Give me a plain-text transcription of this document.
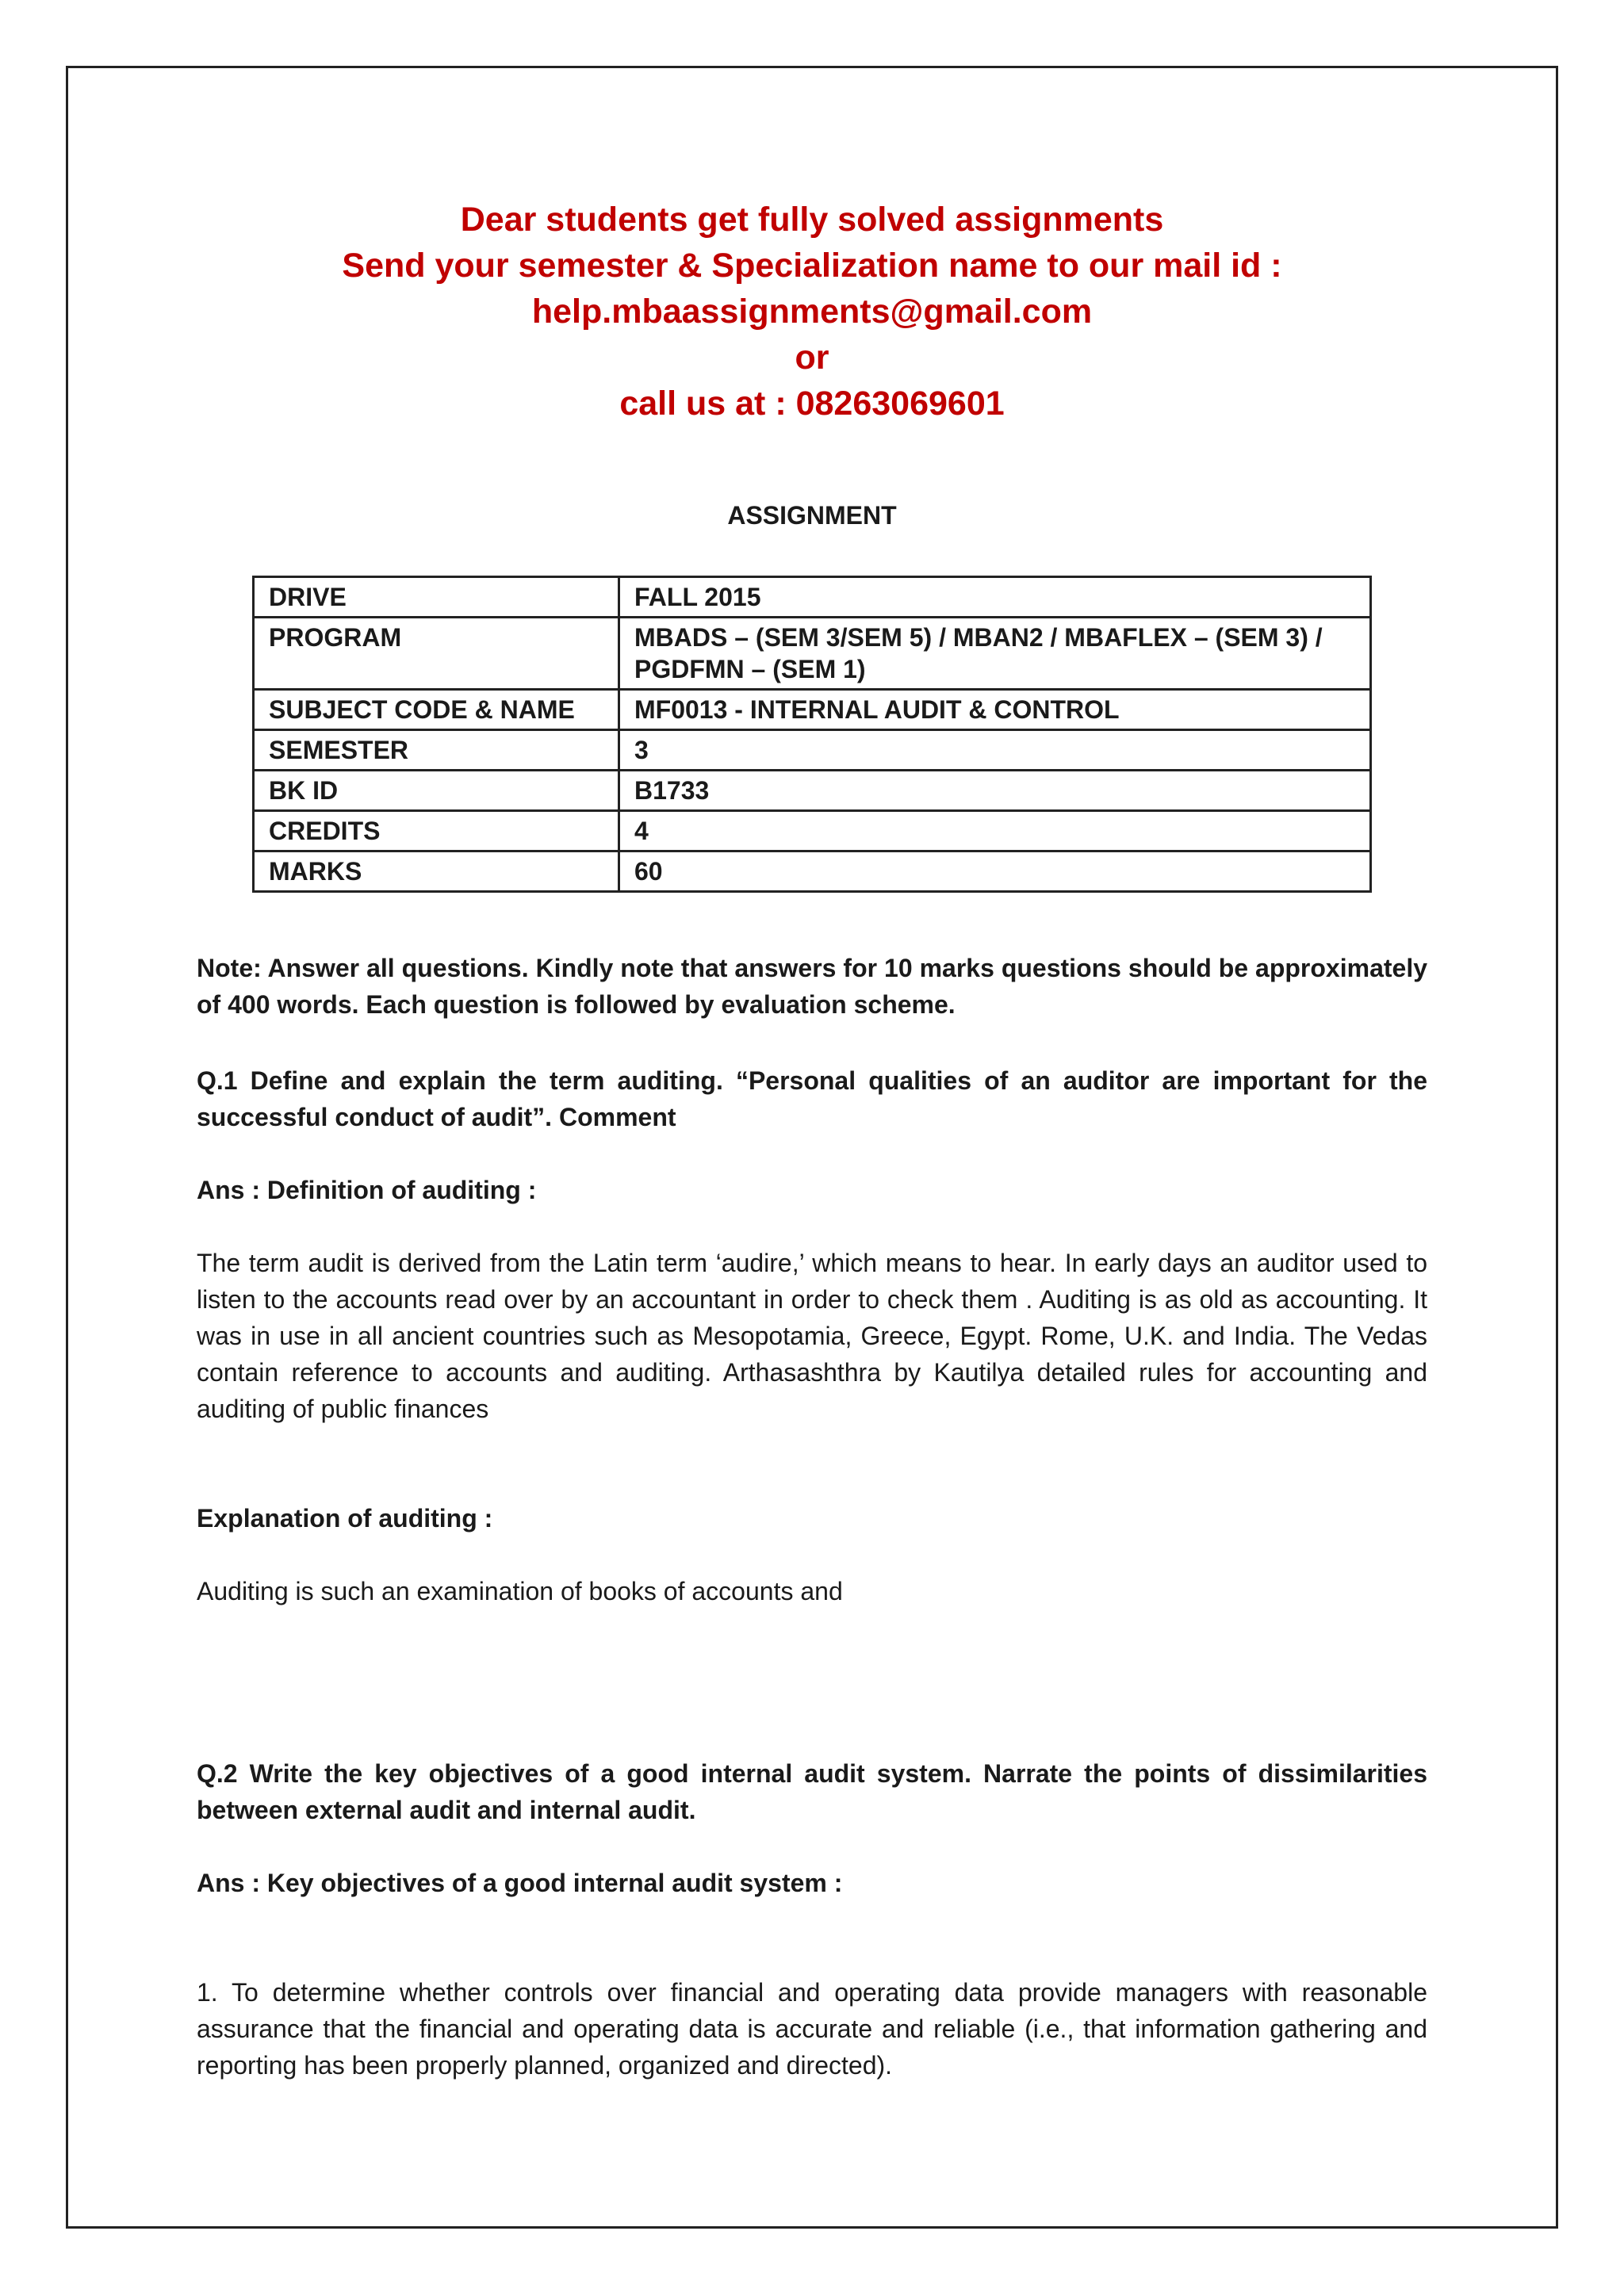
Dear students get fully solved assignments
Send your semester & Specialization name to our mail id :
help.mbaassignments@gmail.com
or
call us at : 08263069601
ASSIGNMENT
DRIVE	FALL 2015
PROGRAM	MBADS – (SEM 3/SEM 5) / MBAN2 / MBAFLEX – (SEM 3) / PGDFMN – (SEM 1)
SUBJECT CODE & NAME	MF0013 - INTERNAL AUDIT & CONTROL
SEMESTER	3
BK ID	B1733
CREDITS	4
MARKS	60
Note: Answer all questions. Kindly note that answers for 10 marks questions should be approximately of 400 words. Each question is followed by evaluation scheme.
Q.1 Define and explain the term auditing. “Personal qualities of an auditor are important for the successful conduct of audit”. Comment
Ans : Definition of auditing :
The term audit is derived from the Latin term ‘audire,’ which means to hear. In early days an auditor used to listen to the accounts read over by an accountant in order to check them . Auditing is as old as accounting. It was in use in all ancient countries such as Mesopotamia, Greece, Egypt. Rome, U.K. and India. The Vedas contain reference to accounts and auditing. Arthasashthra by Kautilya detailed rules for accounting and auditing of public finances
Explanation of auditing :
Auditing is such an examination of books of accounts and
Q.2 Write the key objectives of a good internal audit system. Narrate the points of dissimilarities between external audit and internal audit.
Ans : Key objectives of a good internal audit system :
1. To determine whether controls over financial and operating data provide managers with reasonable assurance that the financial and operating data is accurate and reliable (i.e., that information gathering and reporting has been properly planned, organized and directed).
